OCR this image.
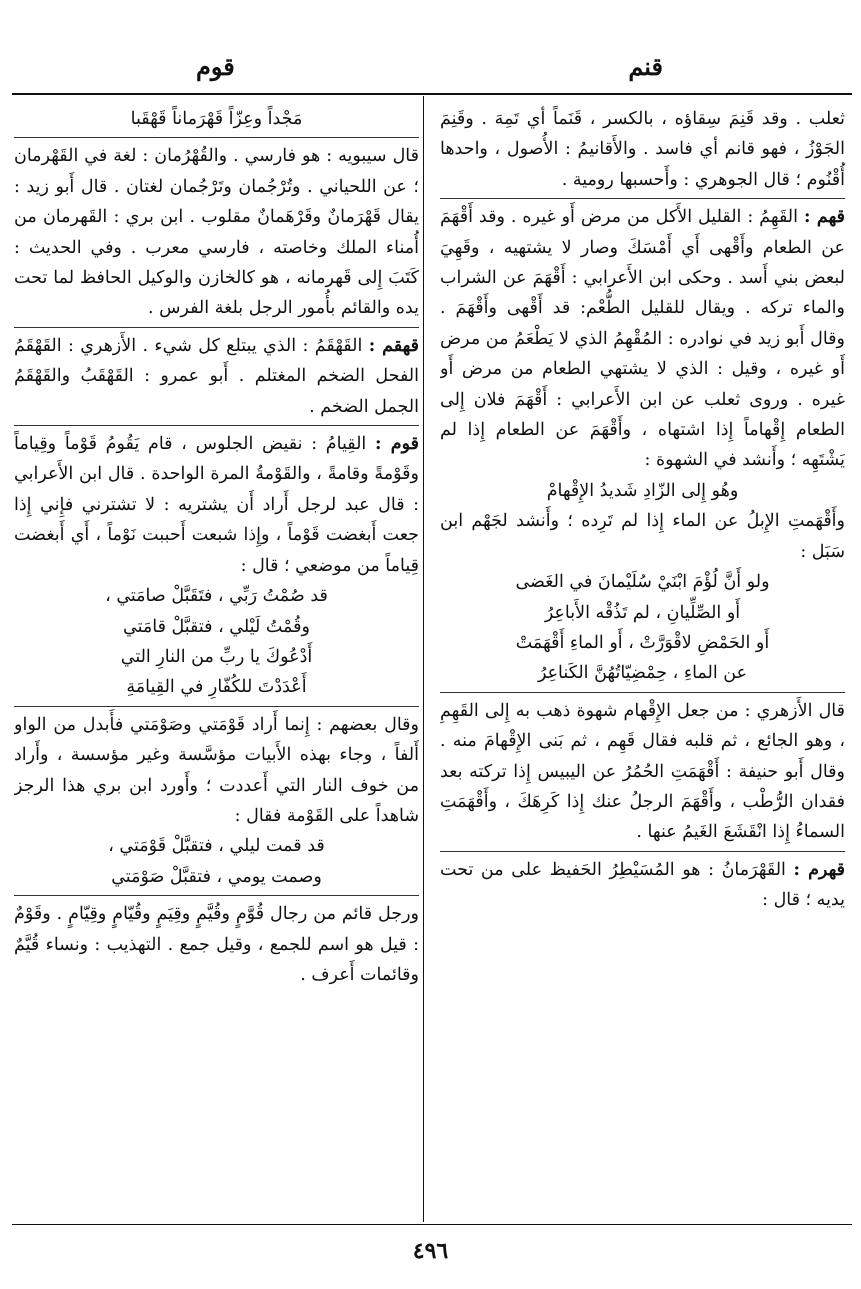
قنم
قوم

ثعلب . وقد قَنِمَ سِقاؤه ، بالكسر ، قَنَماً أي تَمِهَ . وقَنِمَ الجَوْزُ ، فهو قانم أي فاسد . والأَقانيمُ : الأُصول ، واحدها أُقْنُوم ؛ قال الجوهري : وأَحسبها رومية .

قهم : القَهِمُ : القليل الأَكل من مرض أَو غيره . وقد أَقْهَمَ عن الطعام وأَقْهى أَي أَمْسَكَ وصار لا يشتهيه ، وقَهِيَ لبعض بني أَسد . وحكى ابن الأَعرابي : أَقْهَمَ عن الشراب والماء تركه . ويقال للقليل الطُّعْم: قد أَقْهى وأَقْهَمَ . وقال أَبو زيد في نوادره : المُقْهِمُ الذي لا يَطْعَمُ من مرض أَو غيره ، وقيل : الذي لا يشتهي الطعام من مرض أَو غيره . وروى ثعلب عن ابن الأَعرابي : أَقْهَمَ فلان إِلى الطعام إِقْهاماً إِذا اشتهاه ، وأَقْهَمَ عن الطعام إِذا لم يَشْتَهِه ؛ وأَنشد في الشهوة :

وهُو إِلى الزّادِ شَديدُ الإِقْهامْ

وأَقْهَمتِ الإِبلُ عن الماء إِذا لم تَرِده ؛ وأَنشد لجَهْم ابن سَبَل :

ولو أَنَّ لُؤْمَ ابْنَيْ سُلَيْمانَ في الغَضى

أَو الصِّلِّيانِ ، لم تَذُقْه الأَباعِرُ

أَو الحَمْضِ لاقْوَرَّتْ ، أَو الماءِ أَقْهَمَتْ

عن الماءِ ، حِمْضِيّاتُهُنَّ الكَناعِرُ

قال الأَزهري : من جعل الإِقْهام شهوة ذهب به إِلى القَهِمِ ، وهو الجائع ، ثم قلبه فقال قَهِم ، ثم بَنى الإِقْهامَ منه . وقال أَبو حنيفة : أَقْهَمَتِ الحُمُرُ عن اليبيس إِذا تركته بعد فقدان الرُّطْب ، وأَقْهَمَ الرجلُ عنك إِذا كَرِهَكَ ، وأَقْهَمَتِ السماءُ إِذا انْقَشَعَ الغَيمُ عنها .

قهرم : القَهْرَمانُ : هو المُسَيْطِرُ الحَفيظ على من تحت يديه ؛ قال :

مَجْداً وعِزّاً قَهْرَماناً قَهْقَبا

قال سيبويه : هو فارسي . والقُهْرُمان : لغة في القَهْرمان ؛ عن اللحياني . وتُرْجُمان وتَرْجُمان لغتان . قال أَبو زيد : يقال قَهْرَمانٌ وقَرْهَمانٌ مقلوب . ابن بري : القَهرمان من أُمناء الملك وخاصته ، فارسي معرب . وفي الحديث : كَتَبَ إِلى قَهرمانه ، هو كالخازن والوكيل الحافظ لما تحت يده والقائم بأُمور الرجل بلغة الفرس .

قهقم : القَهْقَمُ : الذي يبتلع كل شيء . الأَزهري : القَهْقَمُ الفحل الضخم المغتلم . أَبو عمرو : القَهْقَبُ والقَهْقَمُ الجمل الضخم .

قوم : القِيامُ : نقيض الجلوس ، قام يَقُومُ قَوْماً وقِياماً وقَوْمةً وقامةً ، والقَوْمةُ المرة الواحدة . قال ابن الأَعرابي : قال عبد لرجل أَراد أَن يشتريه : لا تشترني فإِني إِذا جعت أَبغضت قَوْماً ، وإِذا شبعت أَحببت نَوْماً ، أَي أَبغضت قِياماً من موضعي ؛ قال :

قد صُمْتُ رَبِّي ، فتَقَبَّلْ صامَتي ،

وقُمْتُ لَيْلي ، فتقبَّلْ قامَتي

أَدْعُوكَ يا ربِّ من النارِ التي

أَعْدَدْتَ للكُفّارِ في القِيامَةِ

وقال بعضهم : إِنما أَراد قَوْمَتي وصَوْمَتي فأَبدل من الواو أَلفاً ، وجاء بهذه الأَبيات مؤسَّسة وغير مؤسسة ، وأَراد من خوف النار التي أَعددت ؛ وأَورد ابن بري هذا الرجز شاهداً على القَوْمة فقال :

قد قمت ليلي ، فتقبَّلْ قَوْمَتي ،

وصمت يومي ، فتقبَّلْ صَوْمَتي

ورجل قائم من رجال قُوَّمٍ وقُيَّمٍ وقِيَمٍ وقُيّامٍ وقِيّامٍ . وقَوْمٌ : قيل هو اسم للجمع ، وقيل جمع . التهذيب : ونساء قُيَّمٌ وقائمات أَعرف .

٤٩٦
